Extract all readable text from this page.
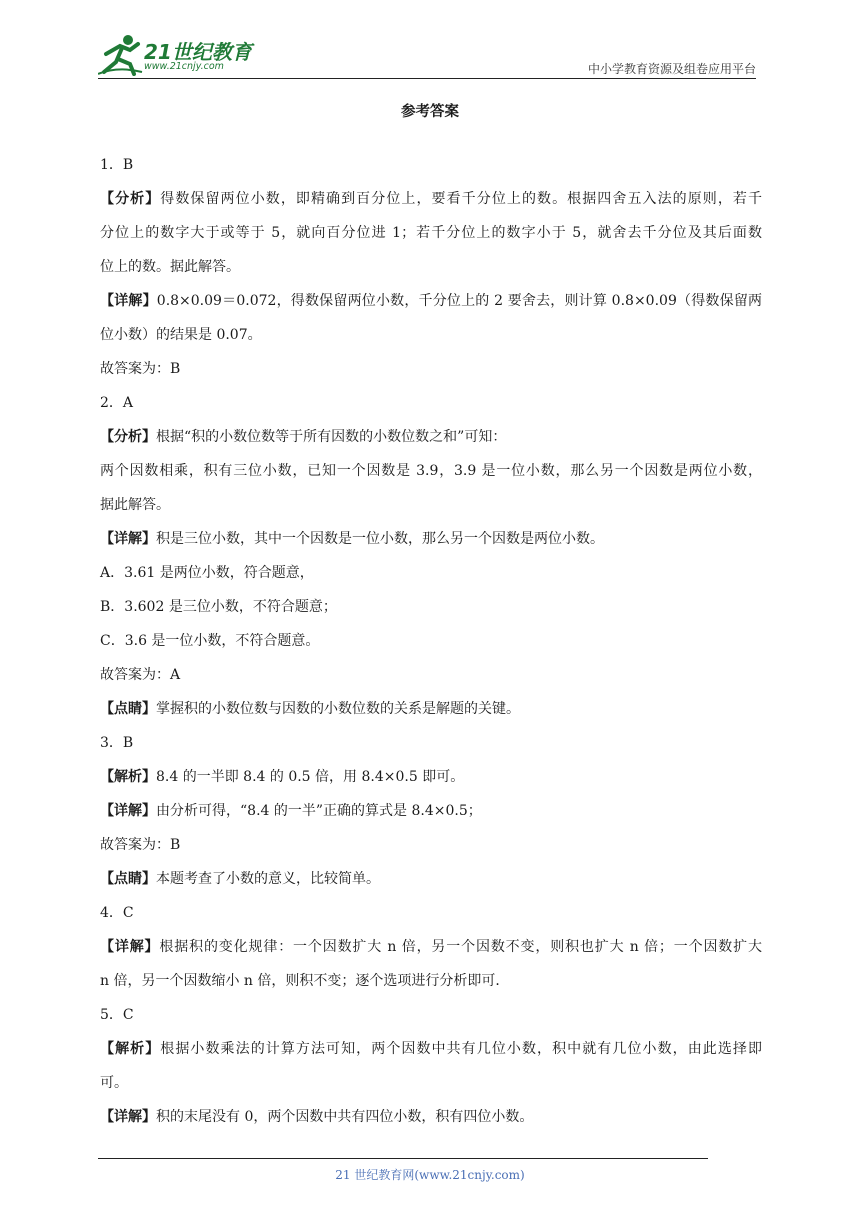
21世纪教育
www.21cnjy.com	中小学教育资源及组卷应用平台
参考答案
1．B
【分析】得数保留两位小数，即精确到百分位上，要看千分位上的数。根据四舍五入法的原则，若千
分位上的数字大于或等于 5，就向百分位进 1；若千分位上的数字小于 5，就舍去千分位及其后面数
位上的数。据此解答。
【详解】0.8×0.09＝0.072，得数保留两位小数，千分位上的 2 要舍去，则计算 0.8×0.09（得数保留两
位小数）的结果是 0.07。
故答案为：B
2．A
【分析】根据“积的小数位数等于所有因数的小数位数之和”可知：
两个因数相乘，积有三位小数，已知一个因数是 3.9，3.9 是一位小数，那么另一个因数是两位小数，
据此解答。
【详解】积是三位小数，其中一个因数是一位小数，那么另一个因数是两位小数。
A．3.61 是两位小数，符合题意，
B．3.602 是三位小数，不符合题意；
C．3.6 是一位小数，不符合题意。
故答案为：A
【点睛】掌握积的小数位数与因数的小数位数的关系是解题的关键。
3．B
【解析】8.4 的一半即 8.4 的 0.5 倍，用 8.4×0.5 即可。
【详解】由分析可得，“8.4 的一半”正确的算式是 8.4×0.5；
故答案为：B
【点睛】本题考查了小数的意义，比较简单。
4．C
【详解】根据积的变化规律：一个因数扩大 n 倍，另一个因数不变，则积也扩大 n 倍；一个因数扩大
n 倍，另一个因数缩小 n 倍，则积不变；逐个选项进行分析即可．
5．C
【解析】根据小数乘法的计算方法可知，两个因数中共有几位小数，积中就有几位小数，由此选择即
可。
【详解】积的末尾没有 0，两个因数中共有四位小数，积有四位小数。
21 世纪教育网(www.21cnjy.com)
